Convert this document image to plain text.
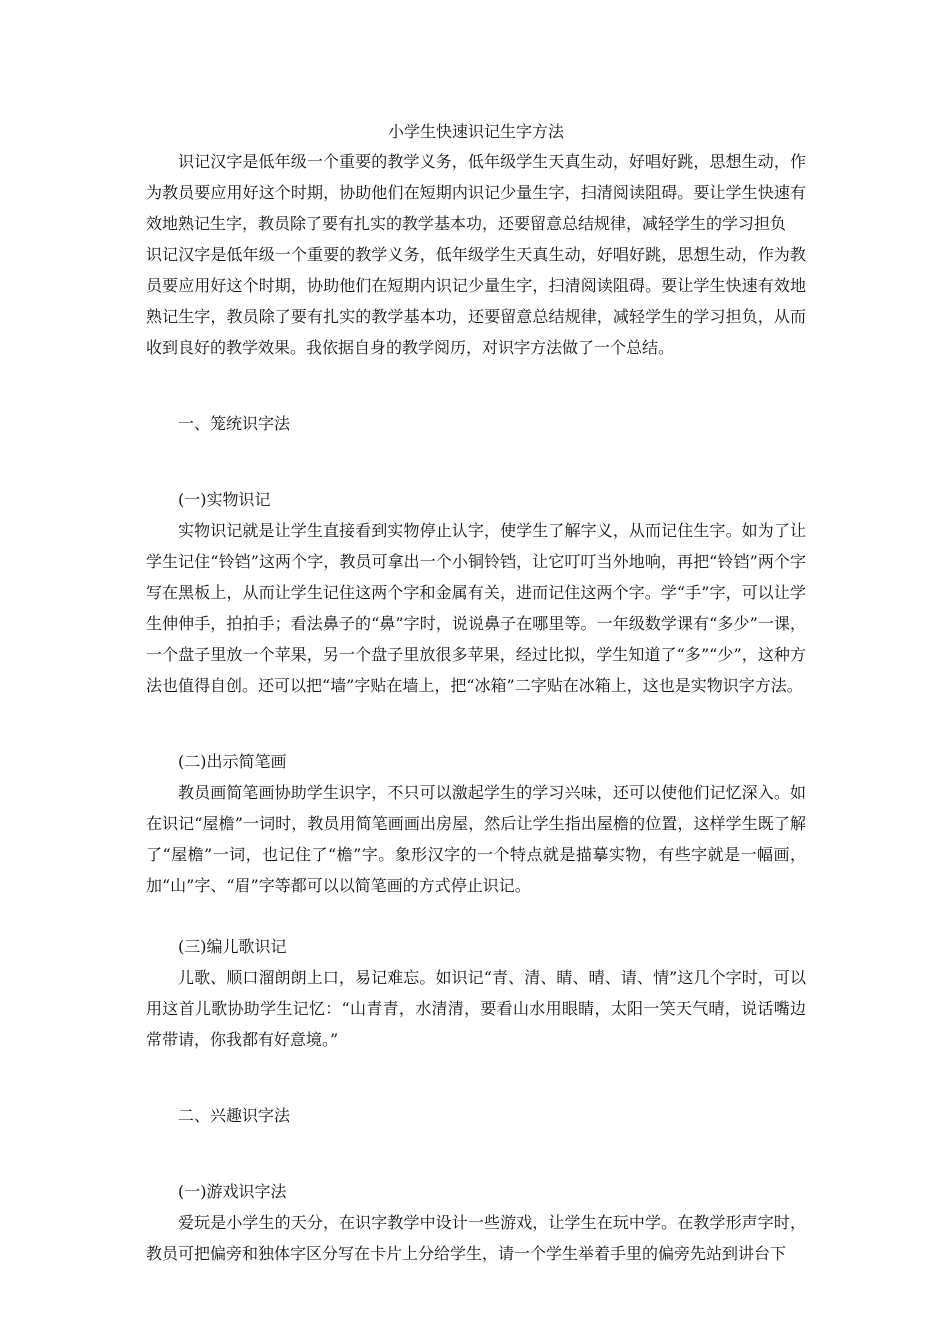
小学生快速识记生字方法

识记汉字是低年级一个重要的教学义务，低年级学生天真生动，好唱好跳，思想生动，作为教员要应用好这个时期，协助他们在短期内识记少量生字，扫清阅读阻碍。要让学生快速有效地熟记生字，教员除了要有扎实的教学基本功，还要留意总结规律，减轻学生的学习担负

识记汉字是低年级一个重要的教学义务，低年级学生天真生动，好唱好跳，思想生动，作为教员要应用好这个时期，协助他们在短期内识记少量生字，扫清阅读阻碍。要让学生快速有效地熟记生字，教员除了要有扎实的教学基本功，还要留意总结规律，减轻学生的学习担负，从而收到良好的教学效果。我依据自身的教学阅历，对识字方法做了一个总结。

一、笼统识字法

(一)实物识记

实物识记就是让学生直接看到实物停止认字，使学生了解字义，从而记住生字。如为了让学生记住“铃铛”这两个字，教员可拿出一个小铜铃铛，让它叮叮当外地响，再把“铃铛”两个字写在黑板上，从而让学生记住这两个字和金属有关，进而记住这两个字。学“手”字，可以让学生伸伸手，拍拍手；看法鼻子的“鼻”字时，说说鼻子在哪里等。一年级数学课有“多少”一课，一个盘子里放一个苹果，另一个盘子里放很多苹果，经过比拟，学生知道了“多”“少”，这种方法也值得自创。还可以把“墙”字贴在墙上，把“冰箱”二字贴在冰箱上，这也是实物识字方法。

(二)出示简笔画

教员画简笔画协助学生识字，不只可以激起学生的学习兴味，还可以使他们记忆深入。如在识记“屋檐”一词时，教员用简笔画画出房屋，然后让学生指出屋檐的位置，这样学生既了解了“屋檐”一词，也记住了“檐”字。象形汉字的一个特点就是描摹实物，有些字就是一幅画，加“山”字、“眉”字等都可以以简笔画的方式停止识记。

(三)编儿歌识记

儿歌、顺口溜朗朗上口，易记难忘。如识记“青、清、睛、晴、请、情”这几个字时，可以用这首儿歌协助学生记忆：“山青青，水清清，要看山水用眼睛，太阳一笑天气晴，说话嘴边常带请，你我都有好意境。”

二、兴趣识字法

(一)游戏识字法

爱玩是小学生的天分，在识字教学中设计一些游戏，让学生在玩中学。在教学形声字时，教员可把偏旁和独体字区分写在卡片上分给学生，请一个学生举着手里的偏旁先站到讲台下
